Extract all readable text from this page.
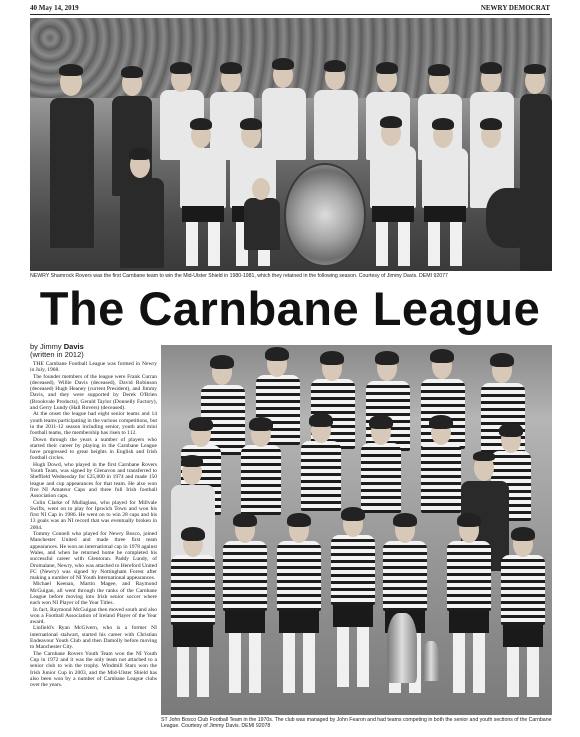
40 May 14, 2019	NEWRY DEMOCRAT
NEWRY Shamrock Rovers was the first Carnbane team to win the Mid-Ulster Shield in 1980-1981, which they retained in the following season. Courtesy of Jimmy Davis. DEMI 92077
The Carnbane League
by Jimmy Davis
(written in 2012)

THE Carnbane Football League was formed in Newry in July, 1968.

The founder members of the league were Frank Curran (deceased), Willie Davis (deceased), David Robinson (deceased) Hugh Heaney (current President), and Jimmy Davis, and they were supported by Derek O'Brien (Brookvale Products), Gerald Taylor (Donnelly Factory), and Gerry Lundy (Hall Rovers) (deceased).

At the onset the league had eight senior teams and 14 youth teams participating in the various competitions, but in the 2011-12 season including senior, youth and mini football teams, the membership has risen to 112.

Down through the years a number of players who started their career by playing in the Carnbane League have progressed to great heights in English and Irish football circles.

Hugh Dowd, who played in the first Carnbane Rovers Youth Team, was signed by Glenavon and transferred to Sheffield Wednesday for £25,000 in 1974 and made 150 league and cup appearances for that team. He also won five NI Amateur Caps and three full Irish football Association caps.

Colin Clarke of Mullaglass, who played for Millvale Swifts, went on to play for Ipswich Town and won his first NI Cap in 1986. He went on to win 28 caps and his 13 goals was an NI record that was eventually broken in 2004.

Tommy Connell who played for Newry Bosco, joined Manchester United and made three first team appearances. He won an international cap in 1978 against Wales, and when he returned home he completed his successful career with Glentoran. Paddy Lundy, of Dromalane, Newry, who was attached to Hereford United FC (Newry) was signed by Nottingham Forest after making a number of NI Youth International appearances.

Michael Keenan, Martin Magee, and Raymond McGuigan, all went through the ranks of the Carnbane League before moving into Irish senior soccer where each won NI Player of the Year Titles.

In fact, Raymond McGuigan then moved south and also won a Football Association of Ireland Player of the Year award.

Linfield's Ryan McGivern, who is a former NI international stalwart, started his career with Christian Endeavour Youth Club and then Damolly before moving to Manchester City.

The Carnbane Rovers Youth Team won the NI Youth Cup in 1972 and it was the only team not attached to a senior club to win the trophy. Windmill Stars won the Irish Junior Cup in 2003, and the Mid-Ulster Shield has also been won by a number of Carnbane League clubs over the years.

ST John Bosco Club Football Team in the 1970s. The club was managed by John Fearon and had teams competing in both the senior and youth sections of the Carnbane League. Courtesy of Jimmy Davis. DEMI 92078
